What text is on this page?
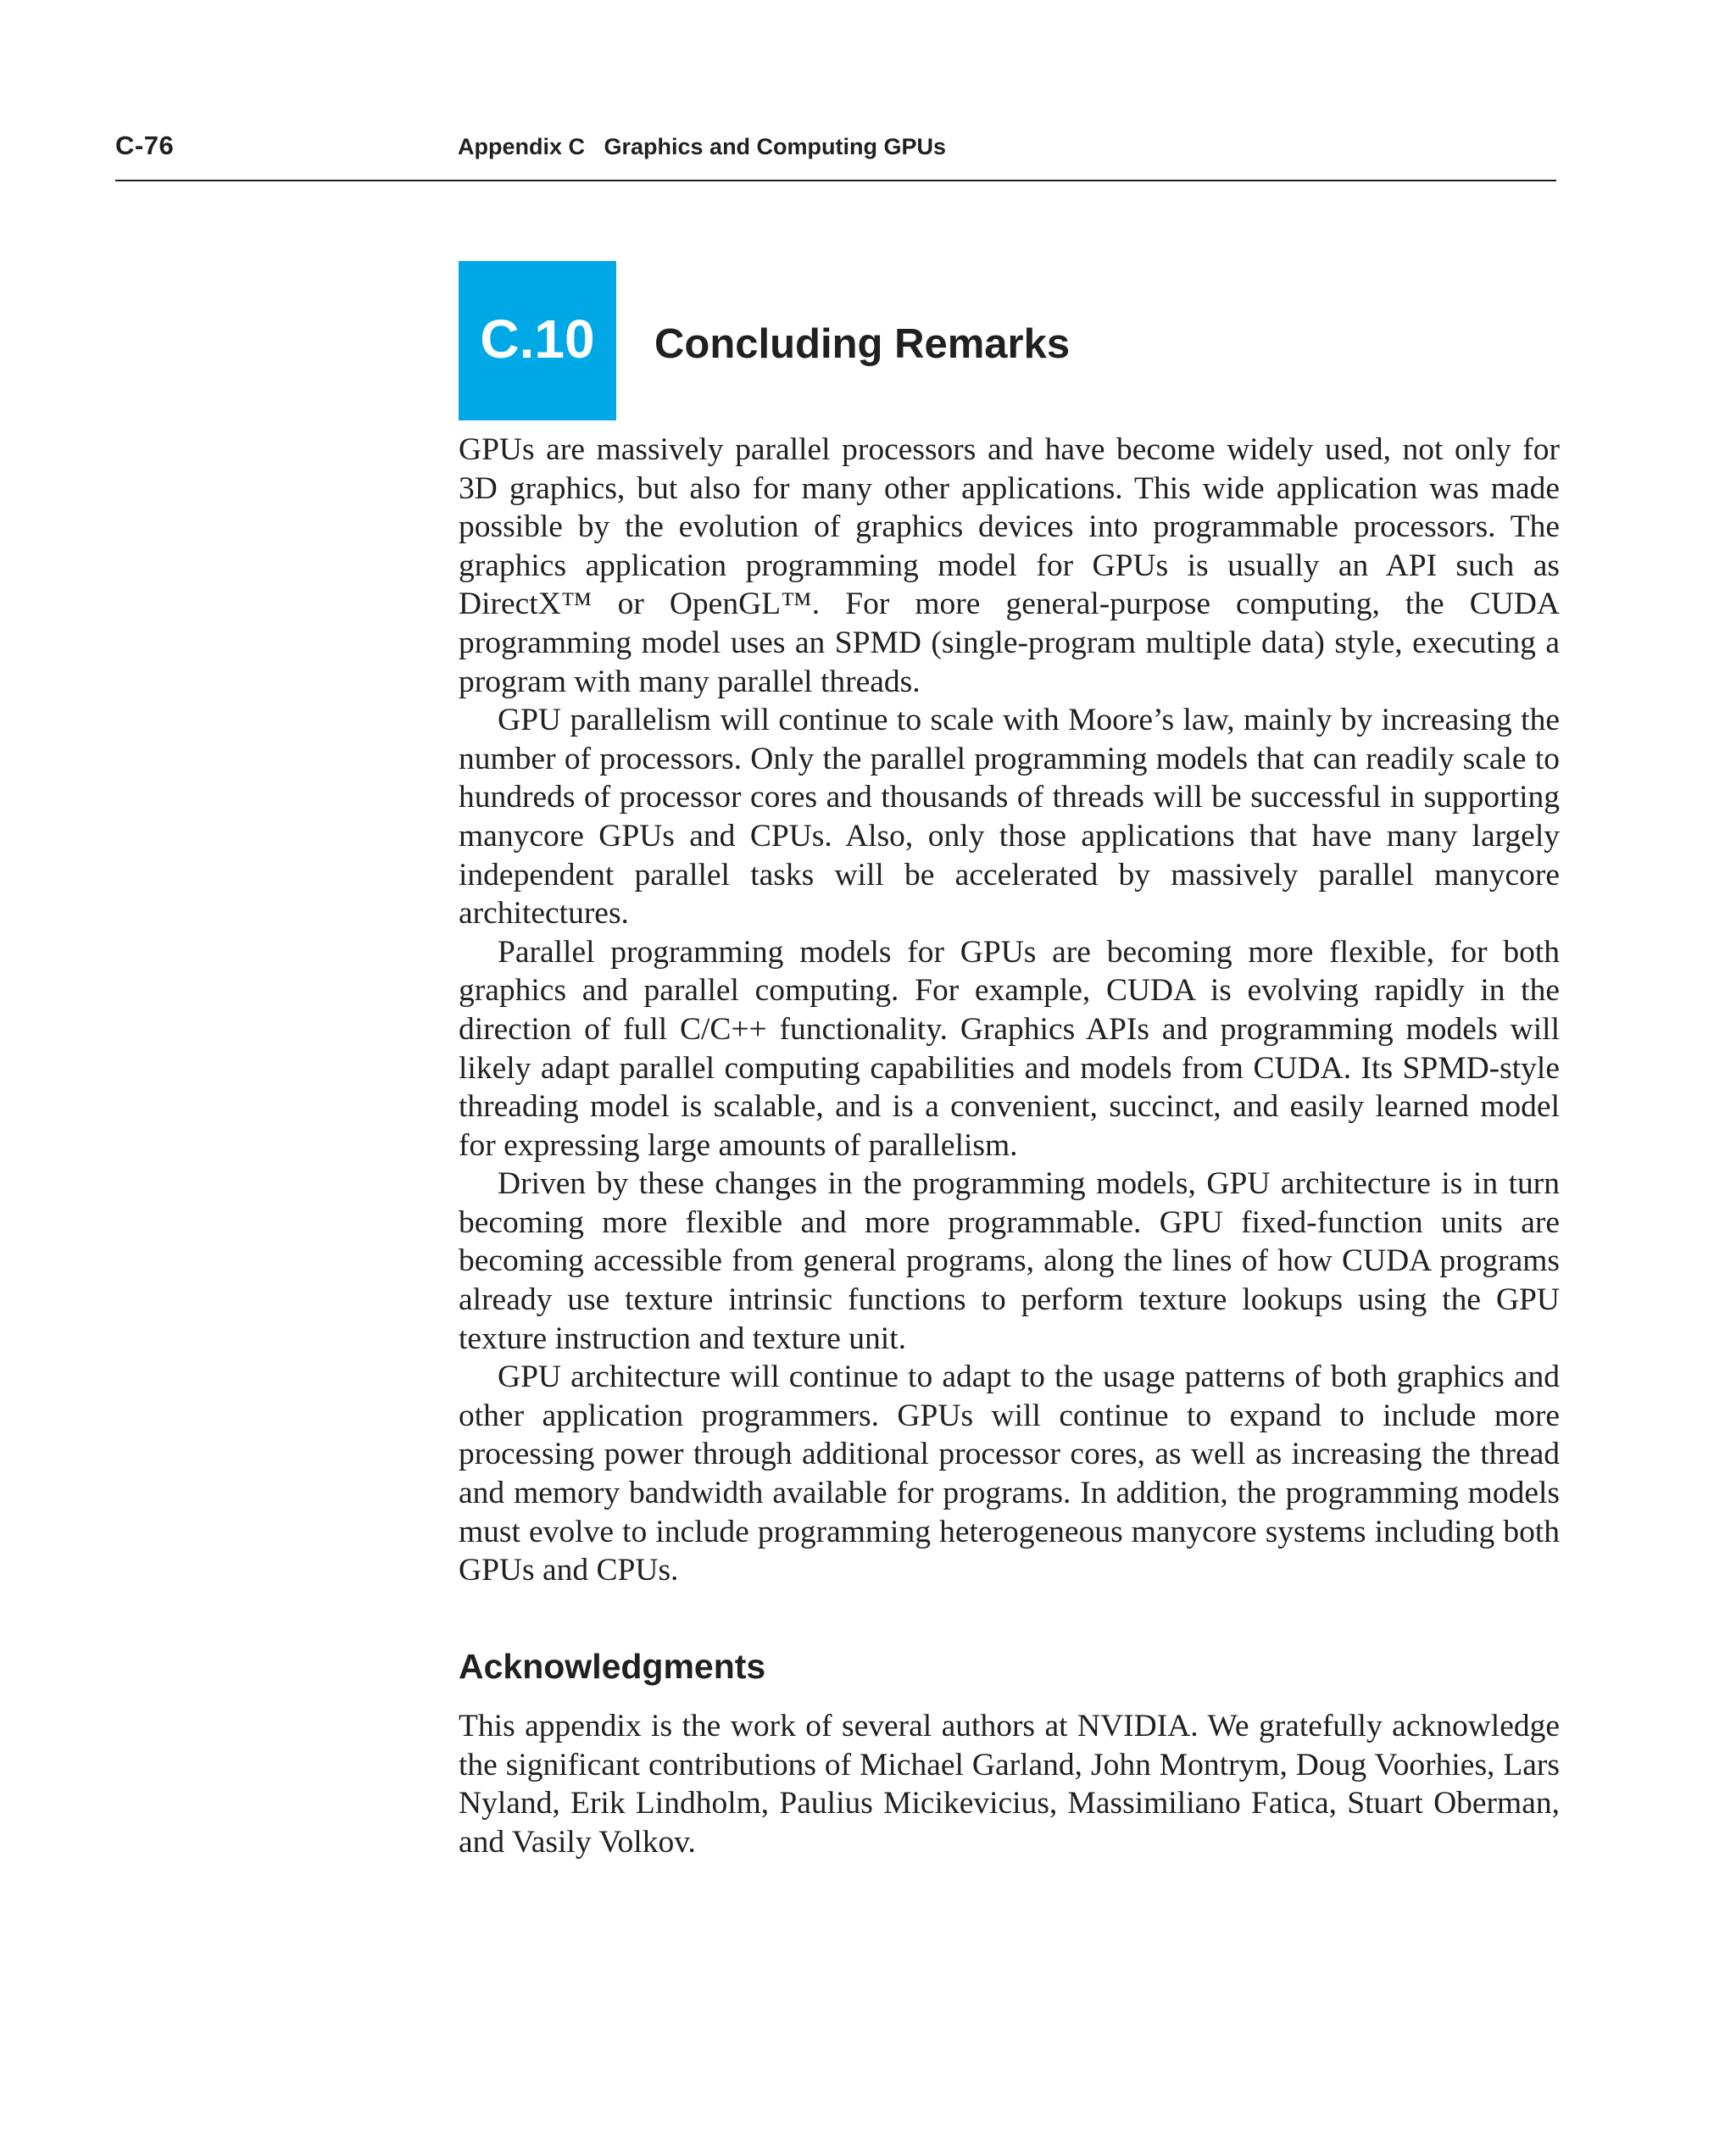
C-76	Appendix C   Graphics and Computing GPUs
C.10	Concluding Remarks

GPUs are massively parallel processors and have become widely used, not only for 3D graphics, but also for many other applications. This wide application was made possible by the evolution of graphics devices into programmable processors. The graphics application programming model for GPUs is usually an API such as DirectX™ or OpenGL™. For more general-purpose computing, the CUDA programming model uses an SPMD (single-program multiple data) style, executing a program with many parallel threads.

GPU parallelism will continue to scale with Moore’s law, mainly by increasing the number of processors. Only the parallel programming models that can readily scale to hundreds of processor cores and thousands of threads will be successful in supporting manycore GPUs and CPUs. Also, only those applications that have many largely independent parallel tasks will be accelerated by massively parallel manycore architectures.

Parallel programming models for GPUs are becoming more flexible, for both graphics and parallel computing. For example, CUDA is evolving rapidly in the direction of full C/C++ functionality. Graphics APIs and programming models will likely adapt parallel computing capabilities and models from CUDA. Its SPMD-style threading model is scalable, and is a convenient, succinct, and easily learned model for expressing large amounts of parallelism.

Driven by these changes in the programming models, GPU architecture is in turn becoming more flexible and more programmable. GPU fixed-function units are becoming accessible from general programs, along the lines of how CUDA programs already use texture intrinsic functions to perform texture lookups using the GPU texture instruction and texture unit.

GPU architecture will continue to adapt to the usage patterns of both graphics and other application programmers. GPUs will continue to expand to include more processing power through additional processor cores, as well as increasing the thread and memory bandwidth available for programs. In addition, the programming models must evolve to include programming heterogeneous manycore systems including both GPUs and CPUs.

Acknowledgments

This appendix is the work of several authors at NVIDIA. We gratefully acknowledge the significant contributions of Michael Garland, John Montrym, Doug Voorhies, Lars Nyland, Erik Lindholm, Paulius Micikevicius, Massimiliano Fatica, Stuart Oberman, and Vasily Volkov.
